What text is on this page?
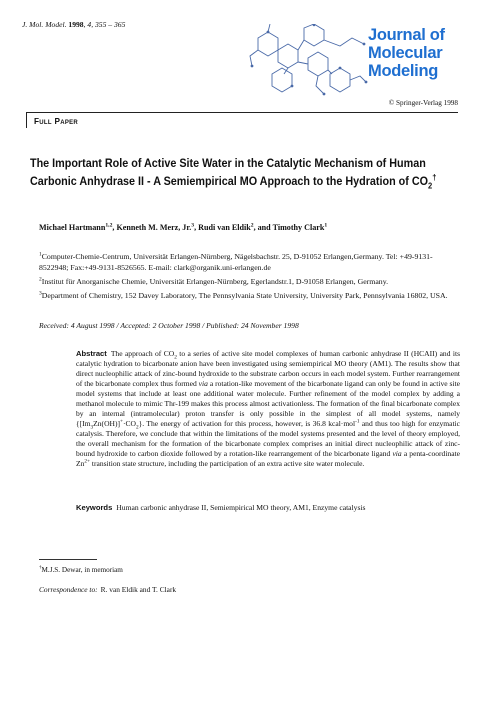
J. Mol. Model. 1998, 4, 355 – 365
Journal of
Molecular
Modeling
© Springer-Verlag 1998
Full Paper
The Important Role of Active Site Water in the Catalytic Mechanism of Human Carbonic Anhydrase II - A Semiempirical MO Approach to the Hydration of $CO_2^\dagger$
Michael Hartmann$^{1,2}$, Kenneth M. Merz, Jr.$^3$, Rudi van Eldik$^2$, and Timothy Clark$^1$
$^1$Computer-Chemie-Centrum, Universität Erlangen-Nürnberg, Nägelsbachstr. 25, D-91052 Erlangen,Germany. Tel: +49-9131-8522948; Fax:+49-9131-8526565. E-mail: clark@organik.uni-erlangen.de
$^2$Institut für Anorganische Chemie, Universität Erlangen-Nürnberg, Egerlandstr.1, D-91058 Erlangen, Germany.
$^3$Department of Chemistry, 152 Davey Laboratory, The Pennsylvania State University, University Park, Pennsylvania 16802, USA.
Received: 4 August 1998 / Accepted: 2 October 1998 / Published: 24 November 1998
Abstract The approach of $CO_2$ to a series of active site model complexes of human carbonic anhydrase II (HCAII) and its catalytic hydration to bicarbonate anion have been investigated using semiempirical MO theory (AM1). The results show that direct nucleophilic attack of zinc-bound hydroxide to the substrate carbon occurs in each model system. Further rearrangement of the bicarbonate complex thus formed via a rotation-like movement of the bicarbonate ligand can only be found in active site model systems that include at least one additional water molecule. Further refinement of the model complex by adding a methanol molecule to mimic Thr-199 makes this process almost activationless. The formation of the final bicarbonate complex by an internal (intramolecular) proton transfer is only possible in the simplest of all model systems, namely $\{[Im_3Zn(OH)]^+\cdot CO_2\}$. The energy of activation for this process, however, is 36.8 kcal·mol$^{-1}$ and thus too high for enzymatic catalysis. Therefore, we conclude that within the limitations of the model systems presented and the level of theory employed, the overall mechanism for the formation of the bicarbonate complex comprises an initial direct nucleophilic attack of zinc-bound hydroxide to carbon dioxide followed by a rotation-like rearrangement of the bicarbonate ligand via a penta-coordinate $Zn^{2+}$ transition state structure, including the participation of an extra active site water molecule.
Keywords Human carbonic anhydrase II, Semiempirical MO theory, AM1, Enzyme catalysis
†M.J.S. Dewar, in memoriam
Correspondence to: R. van Eldik and T. Clark
